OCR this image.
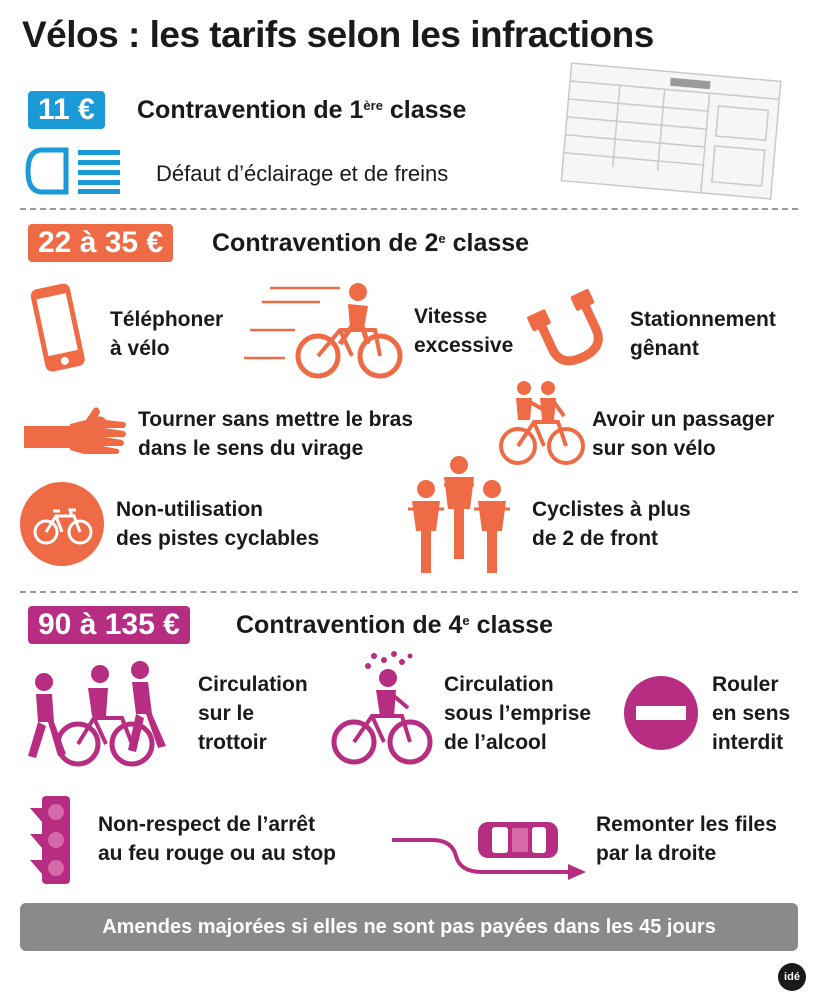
Vélos : les tarifs selon les infractions
11 €	Contravention de 1ère classe
Défaut d’éclairage et de freins
22 à 35 €	Contravention de 2e classe
Téléphoner
à vélo
Vitesse
excessive
Stationnement
gênant
Tourner sans mettre le bras
dans le sens du virage
Avoir un passager
sur son vélo
Non-utilisation
des pistes cyclables
Cyclistes à plus
de 2 de front
90 à 135 €	Contravention de 4e classe
Circulation
sur le
trottoir
Circulation
sous l’emprise
de l’alcool
Rouler
en sens
interdit
Non-respect de l’arrêt
au feu rouge ou au stop
Remonter les files
par la droite
Amendes majorées si elles ne sont pas payées dans les 45 jours
idé
